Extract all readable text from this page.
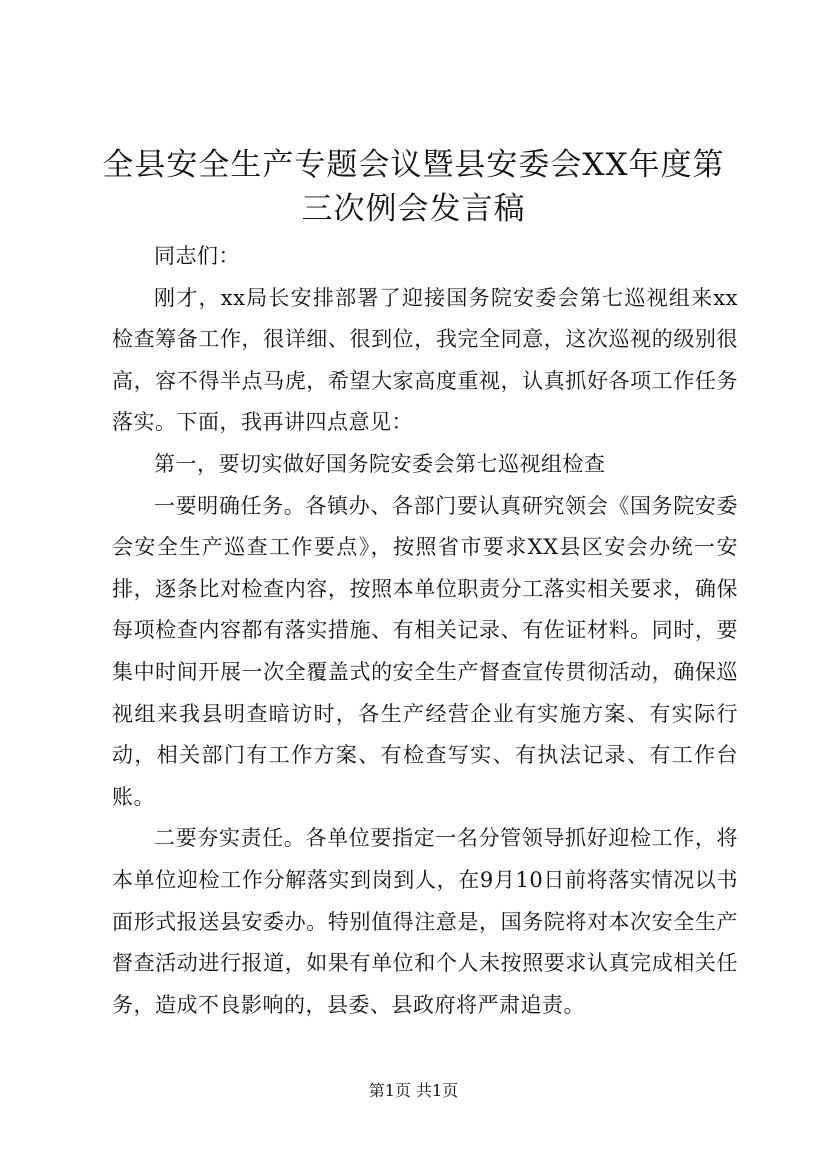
全县安全生产专题会议暨县安委会XX年度第
三次例会发言稿

同志们：

刚才，xx局长安排部署了迎接国务院安委会第七巡视组来xx检查筹备工作，很详细、很到位，我完全同意，这次巡视的级别很高，容不得半点马虎，希望大家高度重视，认真抓好各项工作任务落实。下面，我再讲四点意见：

第一，要切实做好国务院安委会第七巡视组检查

一要明确任务。各镇办、各部门要认真研究领会《国务院安委会安全生产巡查工作要点》，按照省市要求XX县区安会办统一安排，逐条比对检查内容，按照本单位职责分工落实相关要求，确保每项检查内容都有落实措施、有相关记录、有佐证材料。同时，要集中时间开展一次全覆盖式的安全生产督查宣传贯彻活动，确保巡视组来我县明查暗访时，各生产经营企业有实施方案、有实际行动，相关部门有工作方案、有检查写实、有执法记录、有工作台账。

二要夯实责任。各单位要指定一名分管领导抓好迎检工作，将本单位迎检工作分解落实到岗到人，在9月10日前将落实情况以书面形式报送县安委办。特别值得注意是，国务院将对本次安全生产督查活动进行报道，如果有单位和个人未按照要求认真完成相关任务，造成不良影响的，县委、县政府将严肃追责。

第1页 共1页
